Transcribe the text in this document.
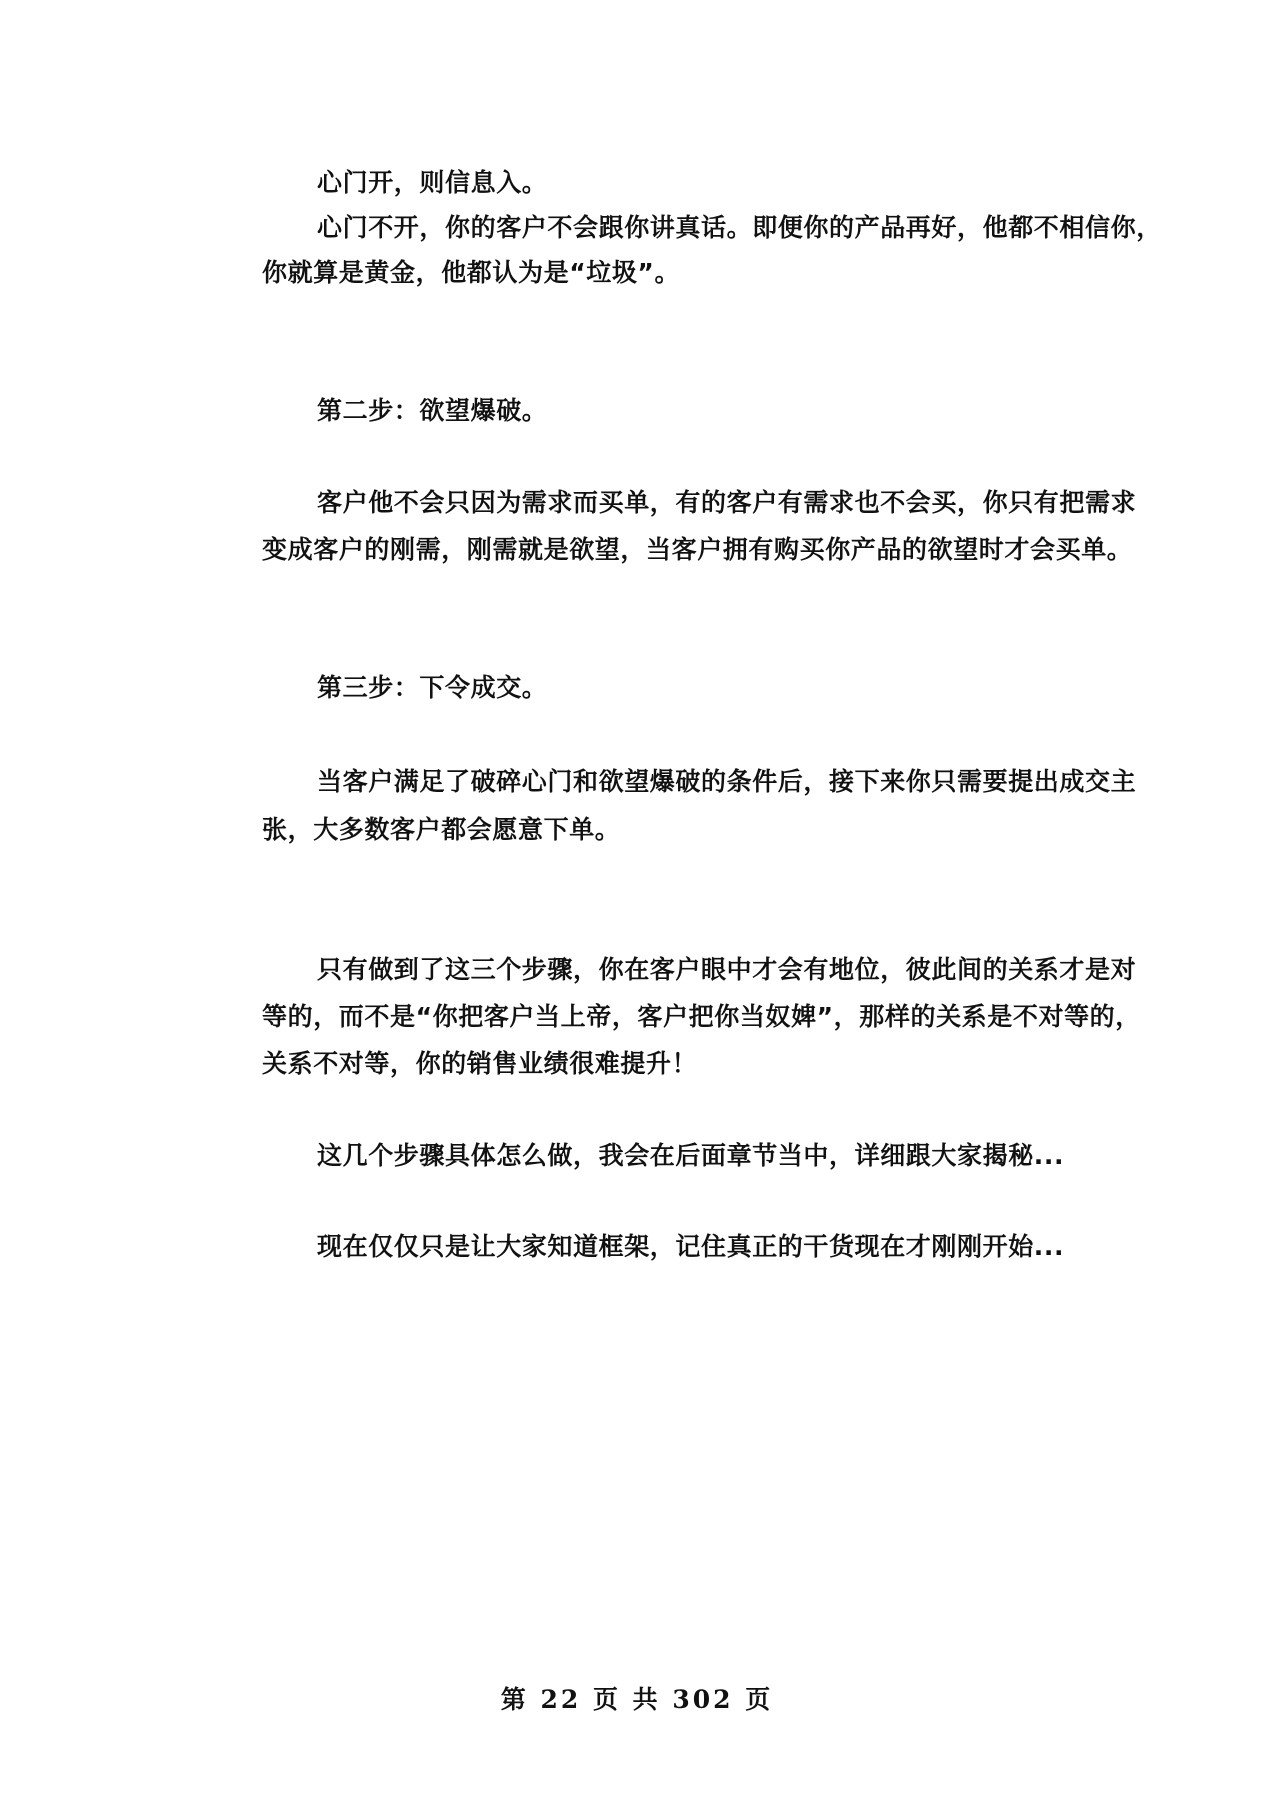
心门开，则信息入。
心门不开，你的客户不会跟你讲真话。即便你的产品再好，他都不相信你，
你就算是黄金，他都认为是“垃圾”。
第二步：欲望爆破。
客户他不会只因为需求而买单，有的客户有需求也不会买，你只有把需求
变成客户的刚需，刚需就是欲望，当客户拥有购买你产品的欲望时才会买单。
第三步：下令成交。
当客户满足了破碎心门和欲望爆破的条件后，接下来你只需要提出成交主
张，大多数客户都会愿意下单。
只有做到了这三个步骤，你在客户眼中才会有地位，彼此间的关系才是对
等的，而不是“你把客户当上帝，客户把你当奴婢”，那样的关系是不对等的，
关系不对等，你的销售业绩很难提升！
这几个步骤具体怎么做，我会在后面章节当中，详细跟大家揭秘...
现在仅仅只是让大家知道框架，记住真正的干货现在才刚刚开始...
第 22 页 共 302 页
